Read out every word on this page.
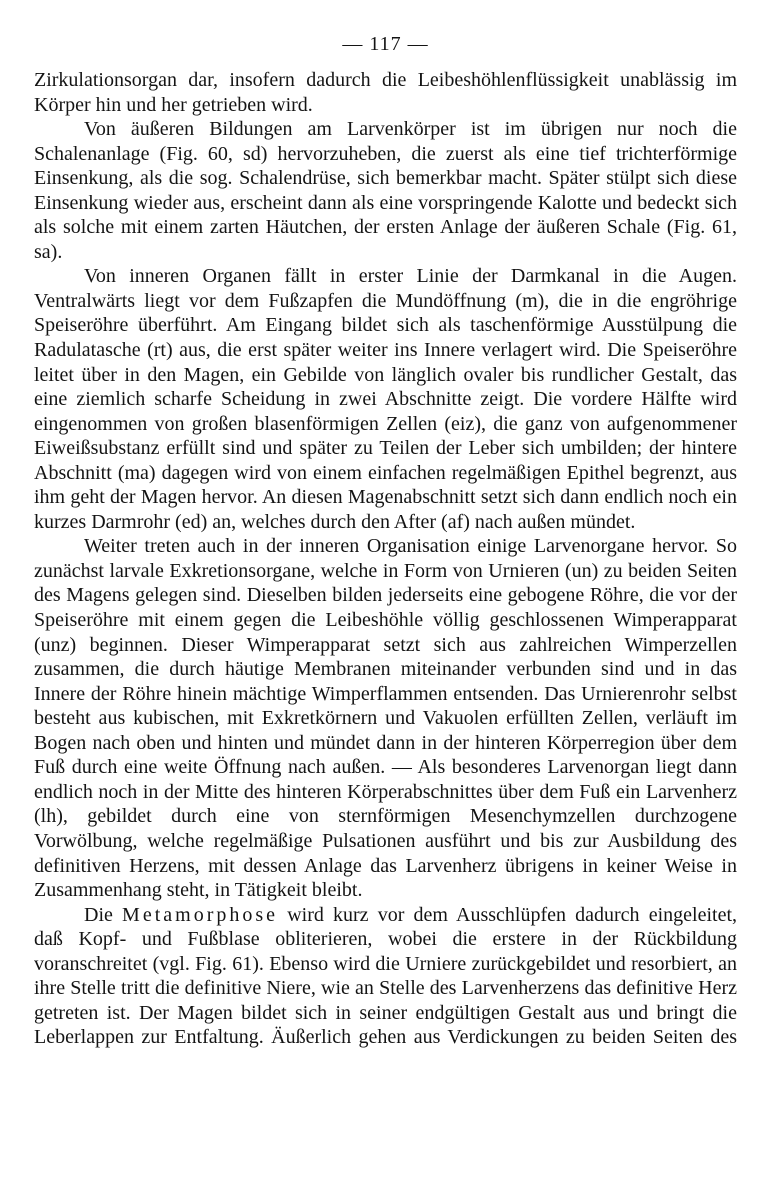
— 117 —

Zirkulationsorgan dar, insofern dadurch die Leibeshöhlenflüssigkeit unablässig im Körper hin und her getrieben wird.

Von äußeren Bildungen am Larvenkörper ist im übrigen nur noch die Schalenanlage (Fig. 60, sd) hervorzuheben, die zuerst als eine tief trichterförmige Einsenkung, als die sog. Schalendrüse, sich bemerkbar macht. Später stülpt sich diese Einsenkung wieder aus, erscheint dann als eine vorspringende Kalotte und bedeckt sich als solche mit einem zarten Häutchen, der ersten Anlage der äußeren Schale (Fig. 61, sa).

Von inneren Organen fällt in erster Linie der Darmkanal in die Augen. Ventralwärts liegt vor dem Fußzapfen die Mundöffnung (m), die in die engröhrige Speiseröhre überführt. Am Eingang bildet sich als taschenförmige Ausstülpung die Radulatasche (rt) aus, die erst später weiter ins Innere verlagert wird. Die Speiseröhre leitet über in den Magen, ein Gebilde von länglich ovaler bis rundlicher Gestalt, das eine ziemlich scharfe Scheidung in zwei Abschnitte zeigt. Die vordere Hälfte wird eingenommen von großen blasenförmigen Zellen (eiz), die ganz von aufgenommener Eiweißsubstanz erfüllt sind und später zu Teilen der Leber sich umbilden; der hintere Abschnitt (ma) dagegen wird von einem einfachen regelmäßigen Epithel begrenzt, aus ihm geht der Magen hervor. An diesen Magenabschnitt setzt sich dann endlich noch ein kurzes Darmrohr (ed) an, welches durch den After (af) nach außen mündet.

Weiter treten auch in der inneren Organisation einige Larvenorgane hervor. So zunächst larvale Exkretionsorgane, welche in Form von Urnieren (un) zu beiden Seiten des Magens gelegen sind. Dieselben bilden jederseits eine gebogene Röhre, die vor der Speiseröhre mit einem gegen die Leibeshöhle völlig geschlossenen Wimperapparat (unz) beginnen. Dieser Wimperapparat setzt sich aus zahlreichen Wimperzellen zusammen, die durch häutige Membranen miteinander verbunden sind und in das Innere der Röhre hinein mächtige Wimperflammen entsenden. Das Urnierenrohr selbst besteht aus kubischen, mit Exkretkörnern und Vakuolen erfüllten Zellen, verläuft im Bogen nach oben und hinten und mündet dann in der hinteren Körperregion über dem Fuß durch eine weite Öffnung nach außen. — Als besonderes Larvenorgan liegt dann endlich noch in der Mitte des hinteren Körperabschnittes über dem Fuß ein Larvenherz (lh), gebildet durch eine von sternförmigen Mesenchymzellen durchzogene Vorwölbung, welche regelmäßige Pulsationen ausführt und bis zur Ausbildung des definitiven Herzens, mit dessen Anlage das Larvenherz übrigens in keiner Weise in Zusammenhang steht, in Tätigkeit bleibt.

Die Metamorphose wird kurz vor dem Ausschlüpfen dadurch eingeleitet, daß Kopf- und Fußblase obliterieren, wobei die erstere in der Rückbildung voranschreitet (vgl. Fig. 61). Ebenso wird die Urniere zurückgebildet und resorbiert, an ihre Stelle tritt die definitive Niere, wie an Stelle des Larvenherzens das definitive Herz getreten ist. Der Magen bildet sich in seiner endgültigen Gestalt aus und bringt die Leberlappen zur Entfaltung. Äußerlich gehen aus Verdickungen zu beiden Seiten des
